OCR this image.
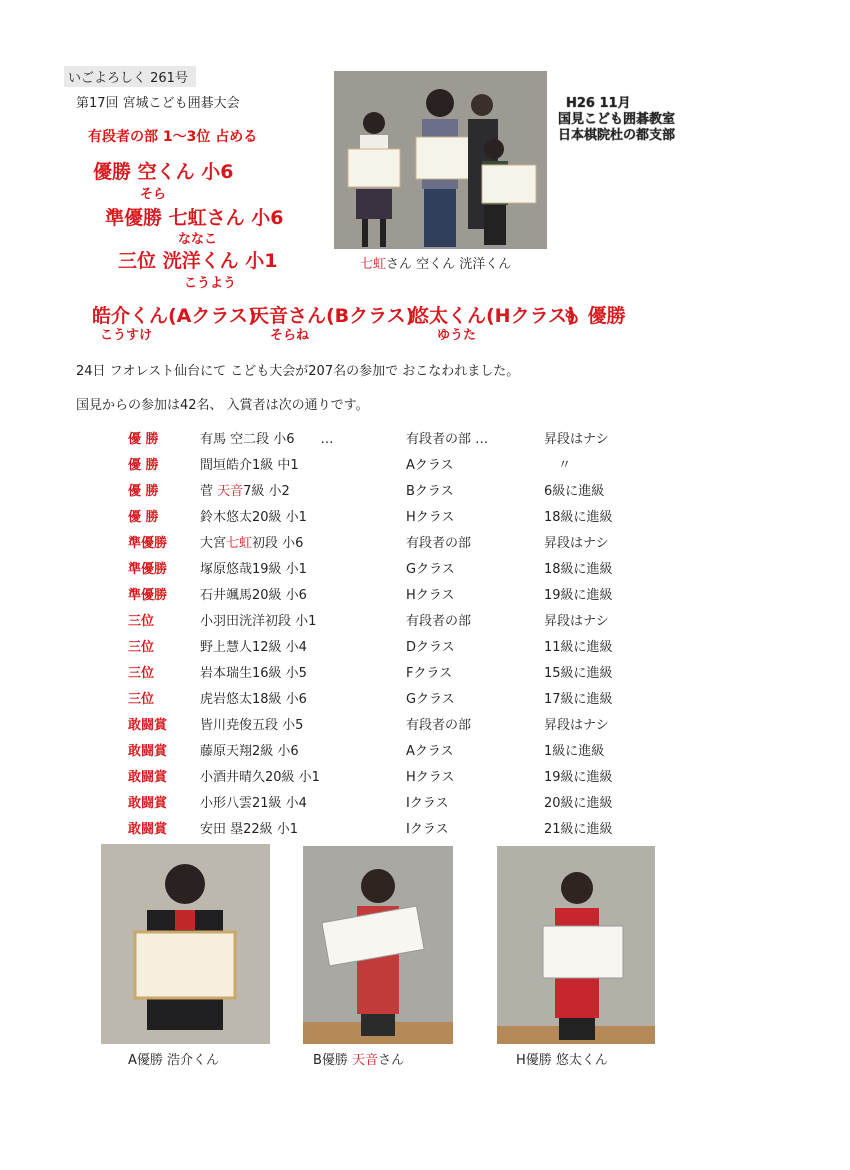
いごよろしく 261号
第17回 宮城こども囲碁大会
有段者の部 1～3位 占める
優勝 空くん 小6
そら
準優勝 七虹さん 小6
ななこ
三位 洸洋くん 小1
こうよう
皓介くん(Aクラス)
こうすけ
天音さん(Bクラス)
そらね
悠太くん(Hクラス)
ゆうた
も 優勝
七虹さん 空くん 洸洋くん
H26 11月
国見こども囲碁教室
日本棋院杜の都支部
24日 フオレスト仙台にて こども大会が207名の参加で おこなわれました。
国見からの参加は42名、 入賞者は次の通りです。
優 勝	有馬 空二段 小6 …	有段者の部 …	昇段はナシ
優 勝	間垣皓介1級 中1	Aクラス	〃
優 勝	菅 天音7級 小2	Bクラス	6級に進級
優 勝	鈴木悠太20級 小1	Hクラス	18級に進級
準優勝	大宮七虹初段 小6	有段者の部	昇段はナシ
準優勝	塚原悠哉19級 小1	Gクラス	18級に進級
準優勝	石井颯馬20級 小6	Hクラス	19級に進級
三位	小羽田洸洋初段 小1	有段者の部	昇段はナシ
三位	野上慧人12級 小4	Dクラス	11級に進級
三位	岩本瑞生16級 小5	Fクラス	15級に進級
三位	虎岩悠太18級 小6	Gクラス	17級に進級
敢闘賞	皆川尭俊五段 小5	有段者の部	昇段はナシ
敢闘賞	藤原天翔2級 小6	Aクラス	1級に進級
敢闘賞	小酒井晴久20級 小1	Hクラス	19級に進級
敢闘賞	小形八雲21級 小4	Iクラス	20級に進級
敢闘賞	安田 塁22級 小1	Iクラス	21級に進級
A優勝 浩介くん	B優勝 天音さん	H優勝 悠太くん
